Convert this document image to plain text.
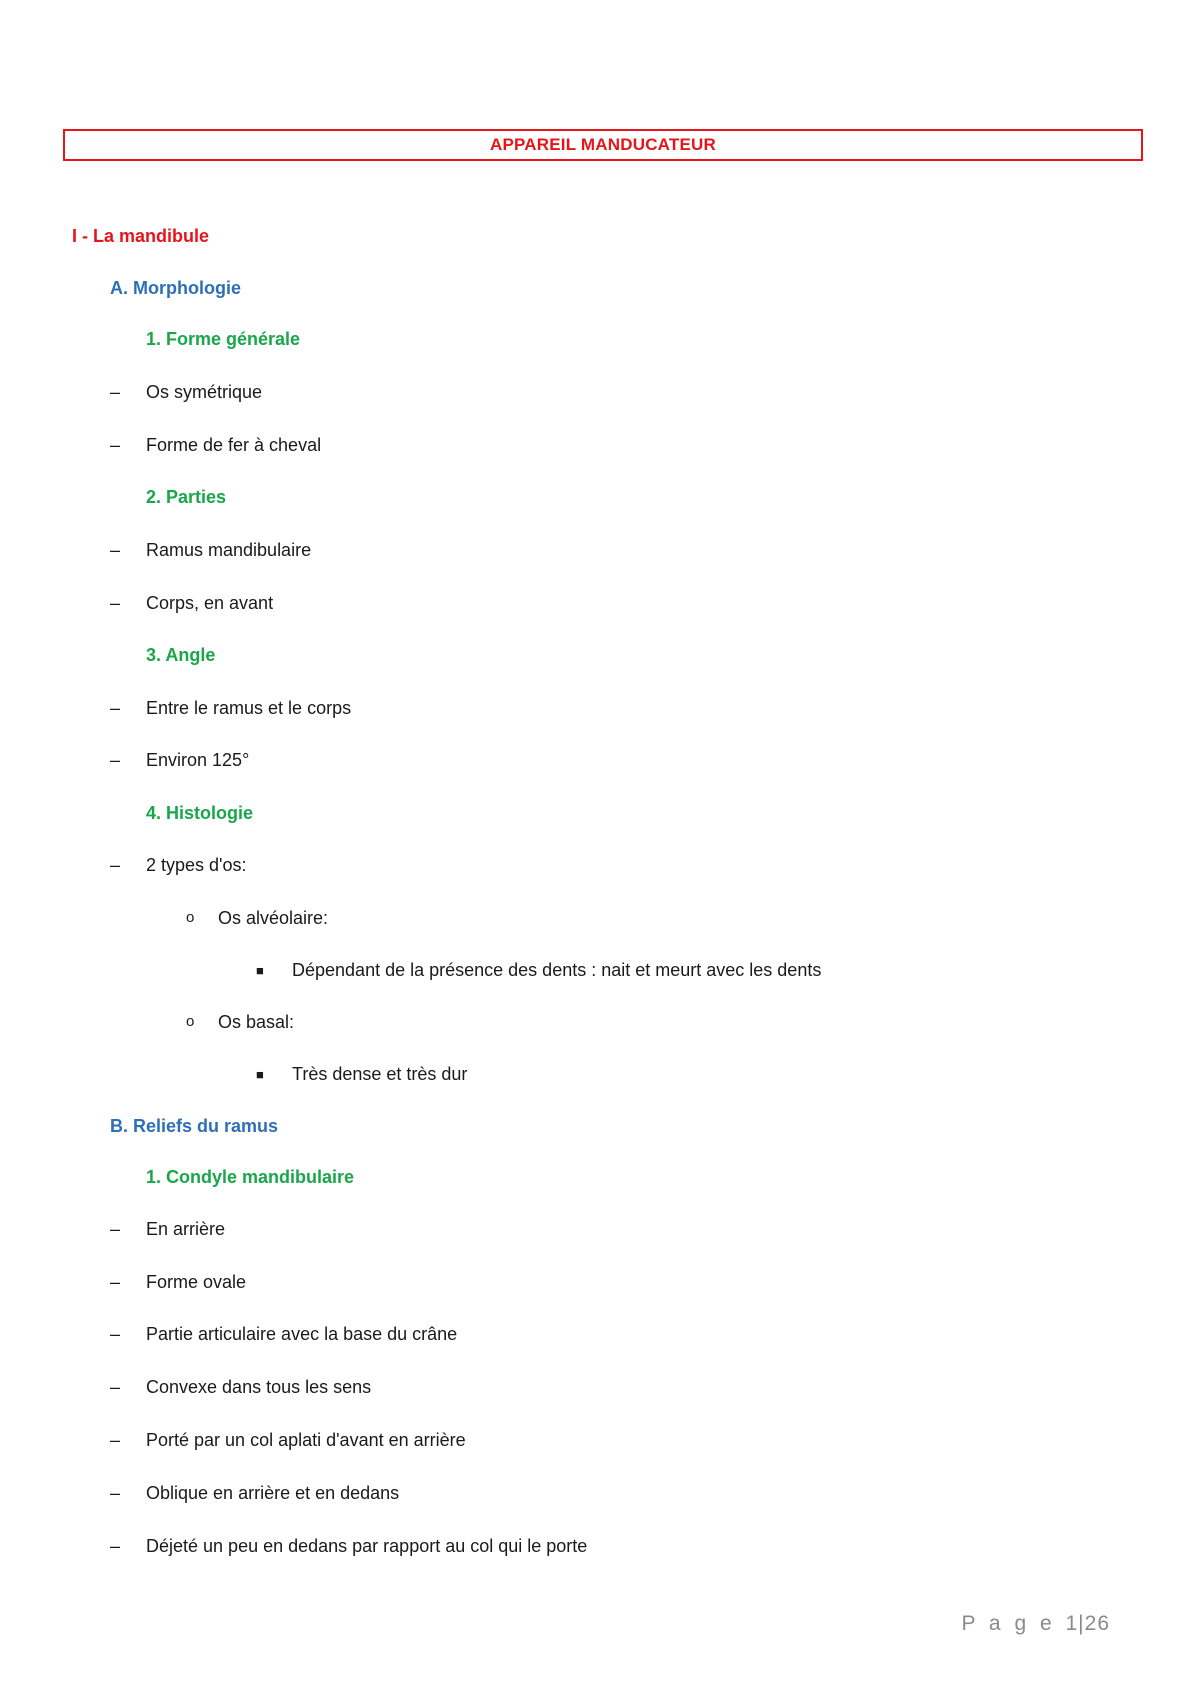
APPAREIL MANDUCATEUR
I - La mandibule
A. Morphologie
1. Forme générale
– Os symétrique
– Forme de fer à cheval
2. Parties
– Ramus mandibulaire
– Corps, en avant
3. Angle
– Entre le ramus et le corps
– Environ 125°
4. Histologie
– 2 types d'os:
o Os alvéolaire:
■ Dépendant de la présence des dents : nait et meurt avec les dents
o Os basal:
■ Très dense et très dur
B. Reliefs du ramus
1. Condyle mandibulaire
– En arrière
– Forme ovale
– Partie articulaire avec la base du crâne
– Convexe dans tous les sens
– Porté par un col aplati d'avant en arrière
– Oblique en arrière et en dedans
– Déjeté un peu en dedans par rapport au col qui le porte
P a g e 1|26
